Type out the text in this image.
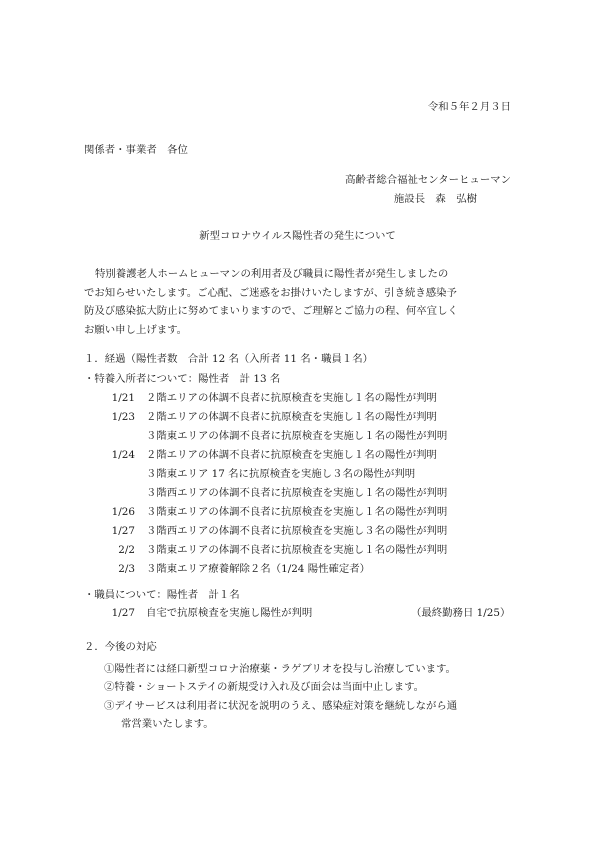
令和５年２月３日
関係者・事業者　各位
高齢者総合福祉センターヒューマン
施設長　森　弘樹
新型コロナウイルス陽性者の発生について

特別養護老人ホームヒューマンの利用者及び職員に陽性者が発生しましたの

でお知らせいたします。ご心配、ご迷惑をお掛けいたしますが、引き続き感染予

防及び感染拡大防止に努めてまいりますので、ご理解とご協力の程、何卒宜しく

お願い申し上げます。

１．経過（陽性者数　合計 12 名（入所者 11 名・職員１名）
・特養入所者について：陽性者　計 13 名
1/21 ２階エリアの体調不良者に抗原検査を実施し１名の陽性が判明
1/23 ２階エリアの体調不良者に抗原検査を実施し１名の陽性が判明
３階東エリアの体調不良者に抗原検査を実施し１名の陽性が判明
1/24 ２階エリアの体調不良者に抗原検査を実施し１名の陽性が判明
３階東エリア 17 名に抗原検査を実施し３名の陽性が判明
３階西エリアの体調不良者に抗原検査を実施し１名の陽性が判明
1/26 ３階東エリアの体調不良者に抗原検査を実施し１名の陽性が判明
1/27 ３階西エリアの体調不良者に抗原検査を実施し３名の陽性が判明
2/2 ３階東エリアの体調不良者に抗原検査を実施し１名の陽性が判明
2/3 ３階東エリア療養解除２名（1/24 陽性確定者）
・職員について：陽性者　計１名
1/27 自宅で抗原検査を実施し陽性が判明	（最終勤務日 1/25）
２．今後の対応
①陽性者には経口新型コロナ治療薬・ラゲブリオを投与し治療しています。
②特養・ショートステイの新規受け入れ及び面会は当面中止します。
③デイサービスは利用者に状況を説明のうえ、感染症対策を継続しながら通
常営業いたします。
